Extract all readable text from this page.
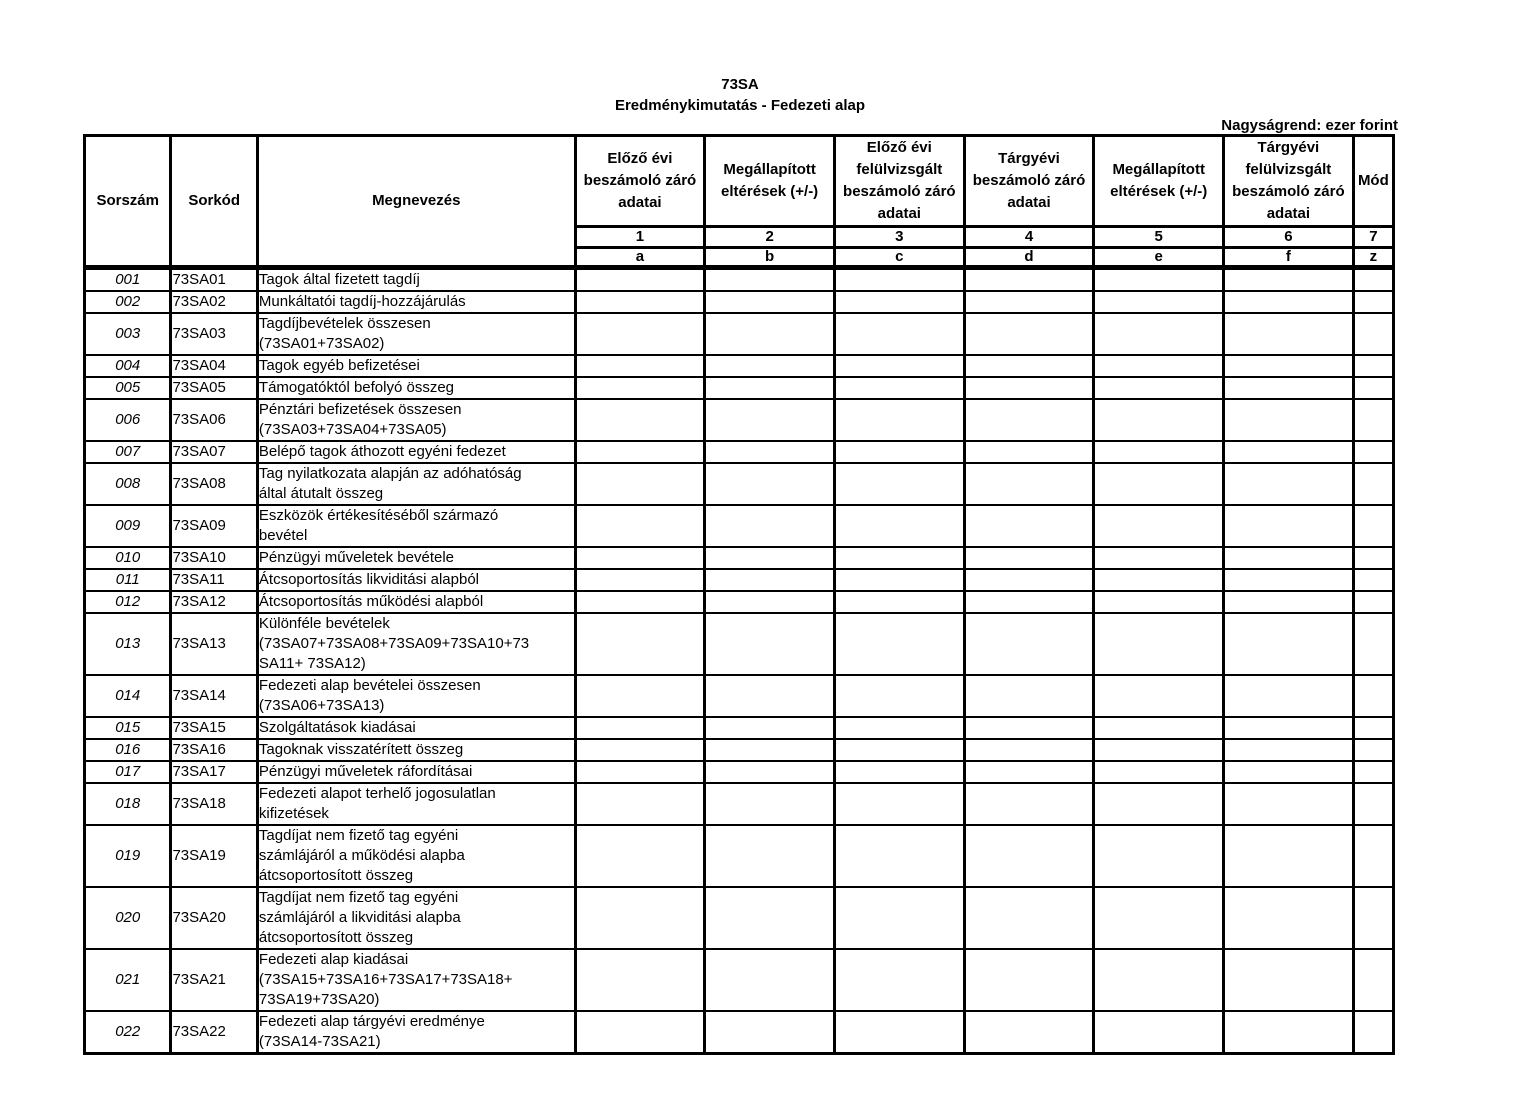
73SA
Eredménykimutatás - Fedezeti alap
Nagyságrend: ezer forint
Sorszám	Sorkód	Megnevezés	Előző évi beszámoló záró adatai	Megállapított eltérések (+/-)	Előző évi felülvizsgált beszámoló záró adatai	Tárgyévi beszámoló záró adatai	Megállapított eltérések (+/-)	Tárgyévi felülvizsgált beszámoló záró adatai	Mód
			1	2	3	4	5	6	7
			a	b	c	d	e	f	z
001	73SA01	Tagok által fizetett tagdíj							
002	73SA02	Munkáltatói tagdíj-hozzájárulás							
003	73SA03	Tagdíjbevételek összesen
(73SA01+73SA02)							
004	73SA04	Tagok egyéb befizetései							
005	73SA05	Támogatóktól befolyó összeg							
006	73SA06	Pénztári befizetések összesen
(73SA03+73SA04+73SA05)							
007	73SA07	Belépő tagok áthozott egyéni fedezet							
008	73SA08	Tag nyilatkozata alapján az adóhatóság
által átutalt összeg							
009	73SA09	Eszközök értékesítéséből származó
bevétel							
010	73SA10	Pénzügyi műveletek bevétele							
011	73SA11	Átcsoportosítás likviditási alapból							
012	73SA12	Átcsoportosítás működési alapból							
013	73SA13	Különféle bevételek
(73SA07+73SA08+73SA09+73SA10+73
SA11+ 73SA12)							
014	73SA14	Fedezeti alap bevételei összesen
(73SA06+73SA13)							
015	73SA15	Szolgáltatások kiadásai							
016	73SA16	Tagoknak visszatérített összeg							
017	73SA17	Pénzügyi műveletek ráfordításai							
018	73SA18	Fedezeti alapot terhelő jogosulatlan
kifizetések							
019	73SA19	Tagdíjat nem fizető tag egyéni
számlájáról a működési alapba
átcsoportosított összeg							
020	73SA20	Tagdíjat nem fizető tag egyéni
számlájáról a likviditási alapba
átcsoportosított összeg							
021	73SA21	Fedezeti alap kiadásai
(73SA15+73SA16+73SA17+73SA18+
73SA19+73SA20)							
022	73SA22	Fedezeti alap tárgyévi eredménye
(73SA14-73SA21)							
